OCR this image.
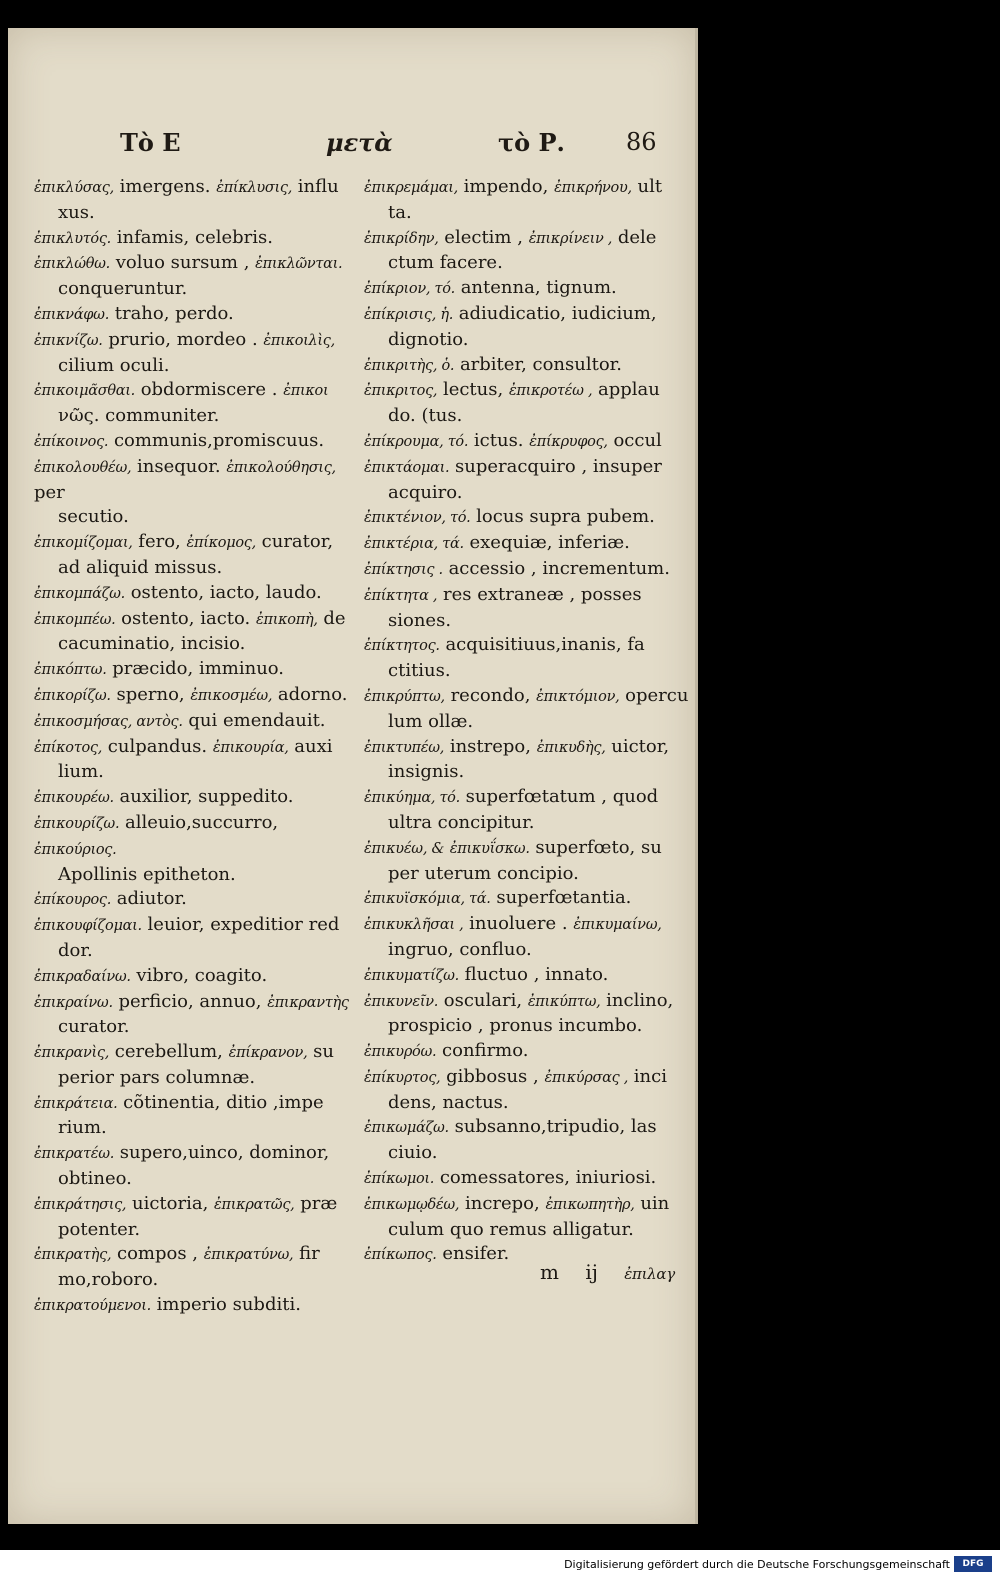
Τὸ Ε	μετὰ	τὸ Ρ.	86

ἐπικλύσας, imergens. ἐπίκλυσις, influ
xus.

ἐπικλυτός. infamis, celebris.

ἐπικλώθω. voluo sursum , ἐπικλῶνται.
conqueruntur.

ἐπικνάφω. traho, perdo.

ἐπικνίζω. prurio, mordeo . ἐπικοιλὶς,
cilium oculi.

ἐπικοιμᾶσθαι. obdormiscere . ἐπικοι
νῶς. communiter.

ἐπίκοινος. communis,promiscuus.

ἐπικολουθέω, insequor. ἐπικολούθησις, per
secutio.

ἐπικομίζομαι, fero, ἐπίκομος, curator,
ad aliquid missus.

ἐπικομπάζω. ostento, iacto, laudo.

ἐπικομπέω. ostento, iacto. ἐπικοπὴ, de
cacuminatio, incisio.

ἐπικόπτω. præcido, imminuo.

ἐπικορίζω. sperno, ἐπικοσμέω, adorno.

ἐπικοσμήσας, αντὸς. qui emendauit.

ἐπίκοτος, culpandus. ἐπικουρία, auxi
lium.

ἐπικουρέω. auxilior, suppedito.

ἐπικουρίζω. alleuio,succurro, ἐπικούριος.
Apollinis epitheton.

ἐπίκουρος. adiutor.

ἐπικουφίζομαι. leuior, expeditior red
dor.

ἐπικραδαίνω. vibro, coagito.

ἐπικραίνω. perficio, annuo, ἐπικραντὴς
curator.

ἐπικρανὶς, cerebellum, ἐπίκρανον, su
perior pars columnæ.

ἐπικράτεια. cõtinentia, ditio ,impe
rium.

ἐπικρατέω. supero,uinco, dominor,
obtineo.

ἐπικράτησις, uictoria, ἐπικρατῶς, præ
potenter.

ἐπικρατὴς, compos , ἐπικρατύνω, fir
mo,roboro.

ἐπικρατούμενοι. imperio subditi.

ἐπικρεμάμαι, impendo, ἐπικρήνου, ult
ta.

ἐπικρίδην, electim , ἐπικρίνειν , dele
ctum facere.

ἐπίκριον, τό. antenna, tignum.

ἐπίκρισις, ἡ. adiudicatio, iudicium,
dignotio.

ἐπικριτὴς, ὁ. arbiter, consultor.

ἐπικριτος, lectus, ἐπικροτέω , applau
do. (tus.

ἐπίκρουμα, τό. ictus. ἐπίκρυφος, occul

ἐπικτάομαι. superacquiro , insuper
acquiro.

ἐπικτένιον, τό. locus supra pubem.

ἐπικτέρια, τά. exequiæ, inferiæ.

ἐπίκτησις . accessio , incrementum.

ἐπίκτητα , res extraneæ , posses
siones.

ἐπίκτητος. acquisitiuus,inanis, fa
ctitius.

ἐπικρύπτω, recondo, ἐπικτόμιον, opercu
lum ollæ.

ἐπικτυπέω, instrepo, ἐπικυδὴς, uictor,
insignis.

ἐπικύημα, τό. superfœtatum , quod
ultra concipitur.

ἐπικυέω, & ἐπικυΐσκω. superfœto, su
per uterum concipio.

ἐπικυϊσκόμια, τά. superfœtantia.

ἐπικυκλῆσαι , inuoluere . ἐπικυμαίνω,
ingruo, confluo.

ἐπικυματίζω. fluctuo , innato.

ἐπικυνεῖν. osculari, ἐπικύπτω, inclino,
prospicio , pronus incumbo.

ἐπικυρόω. confirmo.

ἐπίκυρτος, gibbosus , ἐπικύρσας , inci
dens, nactus.

ἐπικωμάζω. subsanno,tripudio, las
ciuio.

ἐπίκωμοι. comessatores, iniuriosi.

ἐπικωμῳδέω, increpo, ἐπικωπητὴρ, uin
culum quo remus alligatur.

ἐπίκωπος. ensifer.

m ij ἐπιλαγ
Digitalisierung gefördert durch die Deutsche Forschungsgemeinschaft	DFG
